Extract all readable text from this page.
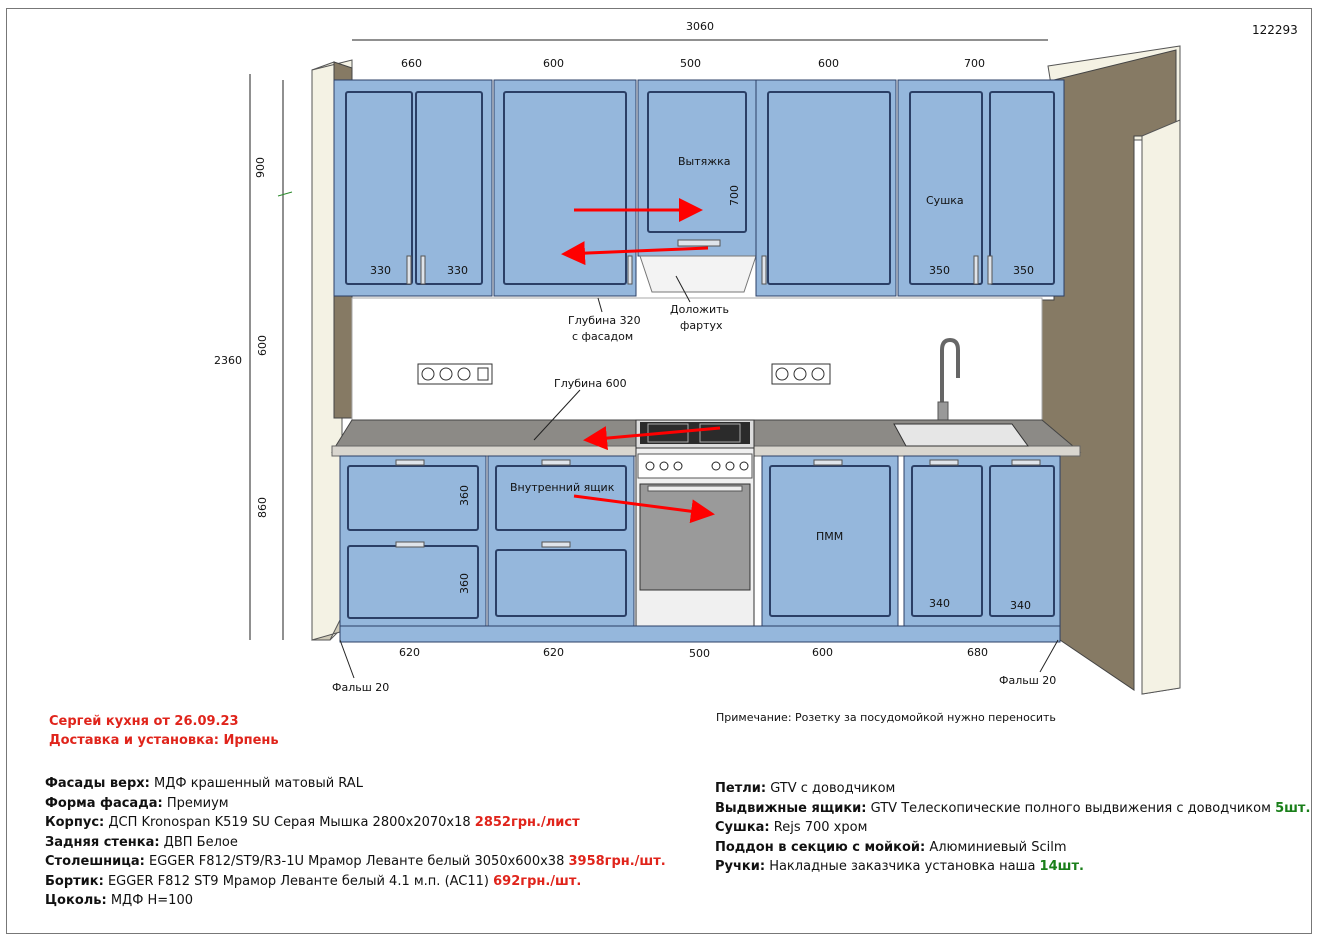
3060	122293
2360
660	600	500	600	700
900
600
860
330	330	350	350
700
Вытяжка
Сушка
Глубина 320
с фасадом
Доложить
фартух
Глубина 600
Внутренний ящик
360
360
ПММ
340	340
620	620	500	600	680
Фальш 20
Фальш 20
Примечание: Розетку за посудомойкой нужно переносить
Сергей кухня от 26.09.23
Доставка и установка: Ирпень
Фасады верх: МДФ крашенный матовый RAL
Форма фасада: Премиум
Корпус: ДСП Kronospan K519 SU Серая Мышка 2800х2070х18 2852грн./лист
Задняя стенка: ДВП Белое
Столешница: EGGER F812/ST9/R3-1U Мрамор Леванте белый 3050х600х38 3958грн./шт.
Бортик: EGGER F812 ST9 Мрамор Леванте белый 4.1 м.п. (AC11) 692грн./шт.
Цоколь: МДФ H=100
Петли: GTV с доводчиком
Выдвижные ящики: GTV Телескопические полного выдвижения с доводчиком 5шт.
Сушка: Rejs 700 хром
Поддон в секцию с мойкой: Алюминиевый Scilm
Ручки: Накладные заказчика установка наша 14шт.
